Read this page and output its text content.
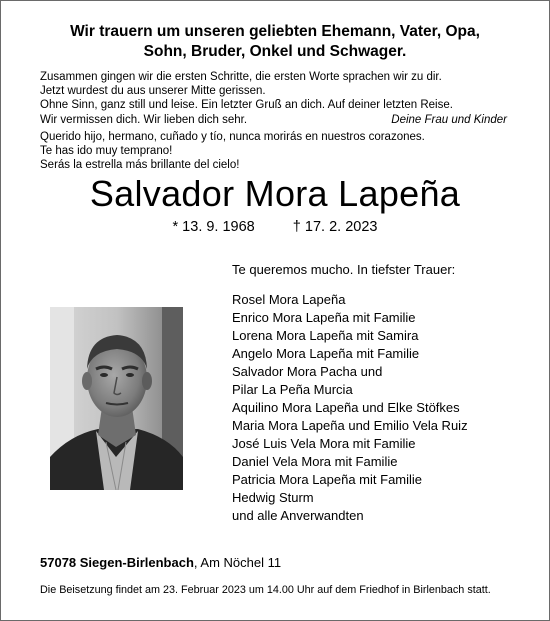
Wir trauern um unseren geliebten Ehemann, Vater, Opa,
Sohn, Bruder, Onkel und Schwager.
Zusammen gingen wir die ersten Schritte, die ersten Worte sprachen wir zu dir.
Jetzt wurdest du aus unserer Mitte gerissen.
Ohne Sinn, ganz still und leise. Ein letzter Gruß an dich. Auf deiner letzten Reise.
Wir vermissen dich. Wir lieben dich sehr.	Deine Frau und Kinder
Querido hijo, hermano, cuñado y tío, nunca morirás en nuestros corazones.
Te has ido muy temprano!
Serás la estrella más brillante del cielo!
Salvador Mora Lapeña
* 13. 9. 1968	† 17. 2. 2023
Te queremos mucho. In tiefster Trauer:
Rosel Mora Lapeña
Enrico Mora Lapeña mit Familie
Lorena Mora Lapeña mit Samira
Angelo Mora Lapeña mit Familie
Salvador Mora Pacha und
Pilar La Peña Murcia
Aquilino Mora Lapeña und Elke Stöfkes
Maria Mora Lapeña und Emilio Vela Ruiz
José Luis Vela Mora mit Familie
Daniel Vela Mora mit Familie
Patricia Mora Lapeña mit Familie
Hedwig Sturm
und alle Anverwandten
57078 Siegen-Birlenbach, Am Nöchel 11
Die Beisetzung findet am 23. Februar 2023 um 14.00 Uhr auf dem Friedhof in Birlenbach statt.
